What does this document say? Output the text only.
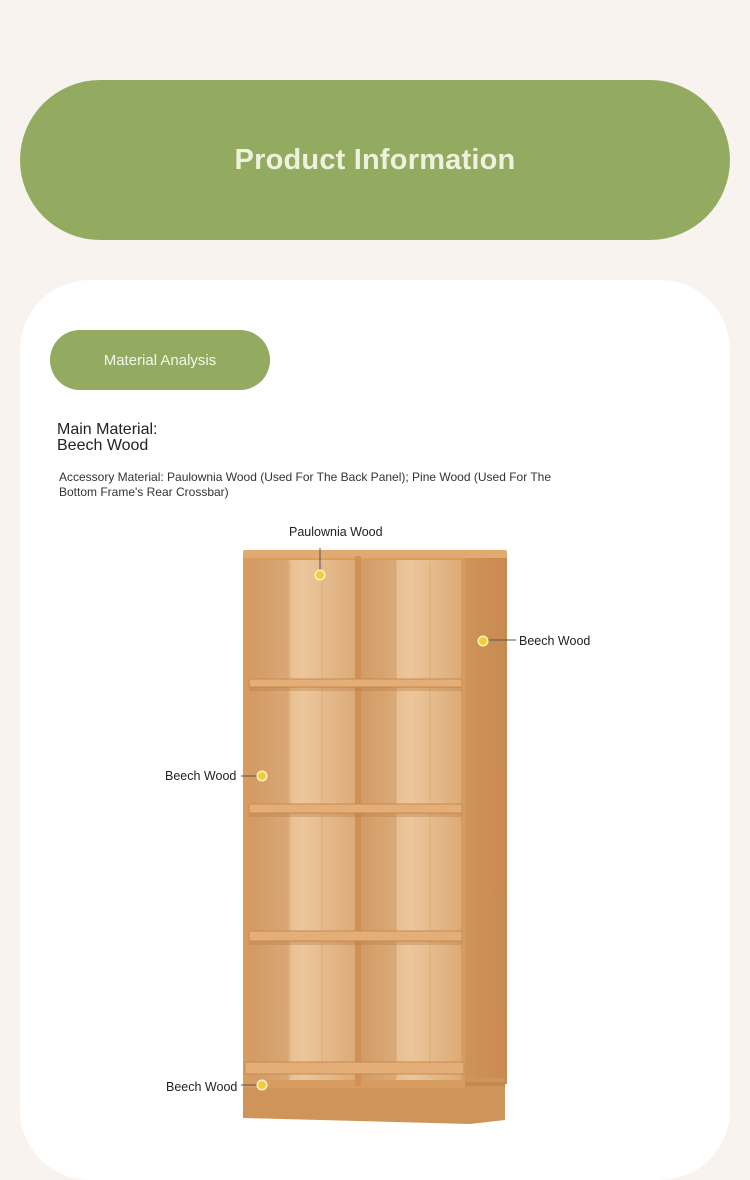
Product Information
Material Analysis
Main Material:
Beech Wood
Accessory Material: Paulownia Wood (Used For The Back Panel); Pine Wood (Used For The Bottom Frame's Rear Crossbar)
Paulownia Wood
Beech Wood
Beech Wood
Beech Wood
